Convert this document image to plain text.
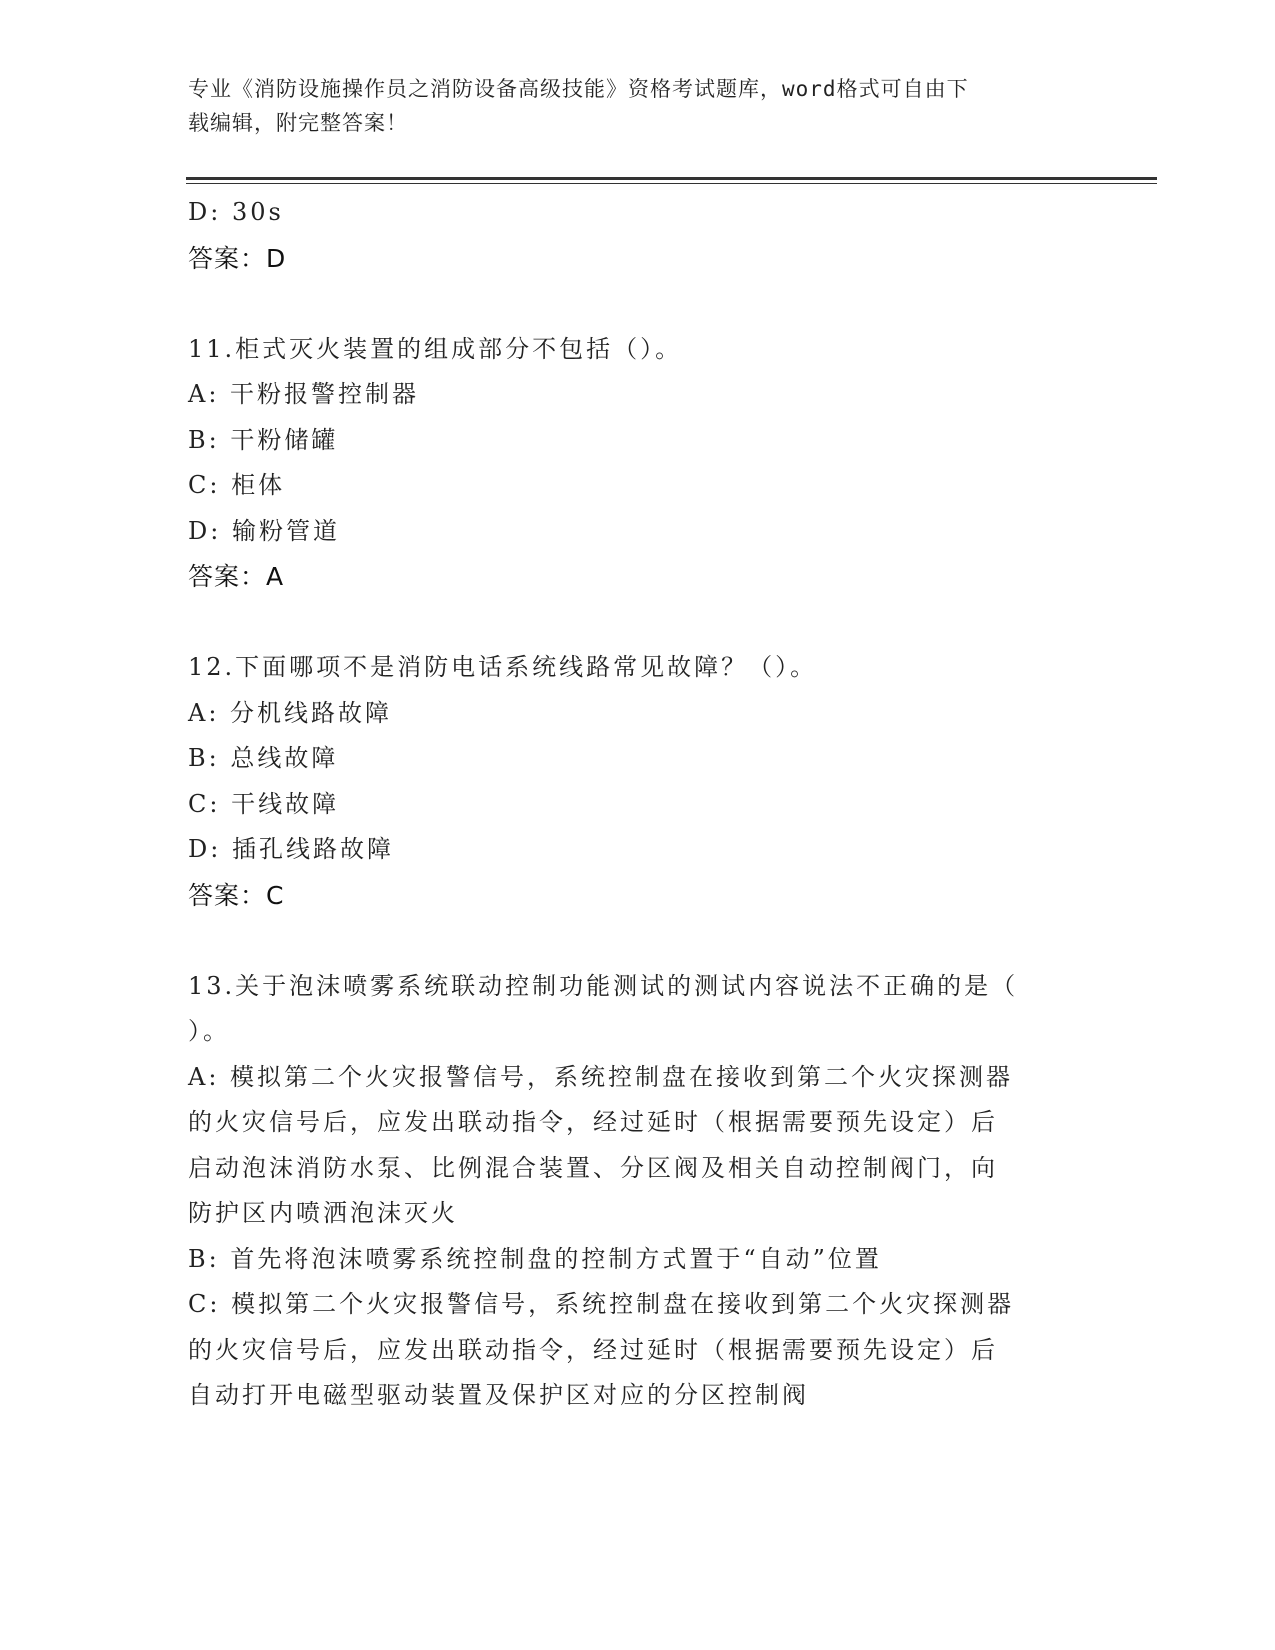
专业《消防设施操作员之消防设备高级技能》资格考试题库，word格式可自由下
载编辑，附完整答案！
D: 30s
答案：D
11.柜式灭火装置的组成部分不包括（）。
A: 干粉报警控制器
B: 干粉储罐
C: 柜体
D: 输粉管道
答案：A
12.下面哪项不是消防电话系统线路常见故障？（）。
A: 分机线路故障
B: 总线故障
C: 干线故障
D: 插孔线路故障
答案：C
13.关于泡沫喷雾系统联动控制功能测试的测试内容说法不正确的是（
）。
A: 模拟第二个火灾报警信号，系统控制盘在接收到第二个火灾探测器
的火灾信号后，应发出联动指令，经过延时（根据需要预先设定）后
启动泡沫消防水泵、比例混合装置、分区阀及相关自动控制阀门，向
防护区内喷洒泡沫灭火
B: 首先将泡沫喷雾系统控制盘的控制方式置于“自动”位置
C: 模拟第二个火灾报警信号，系统控制盘在接收到第二个火灾探测器
的火灾信号后，应发出联动指令，经过延时（根据需要预先设定）后
自动打开电磁型驱动装置及保护区对应的分区控制阀
